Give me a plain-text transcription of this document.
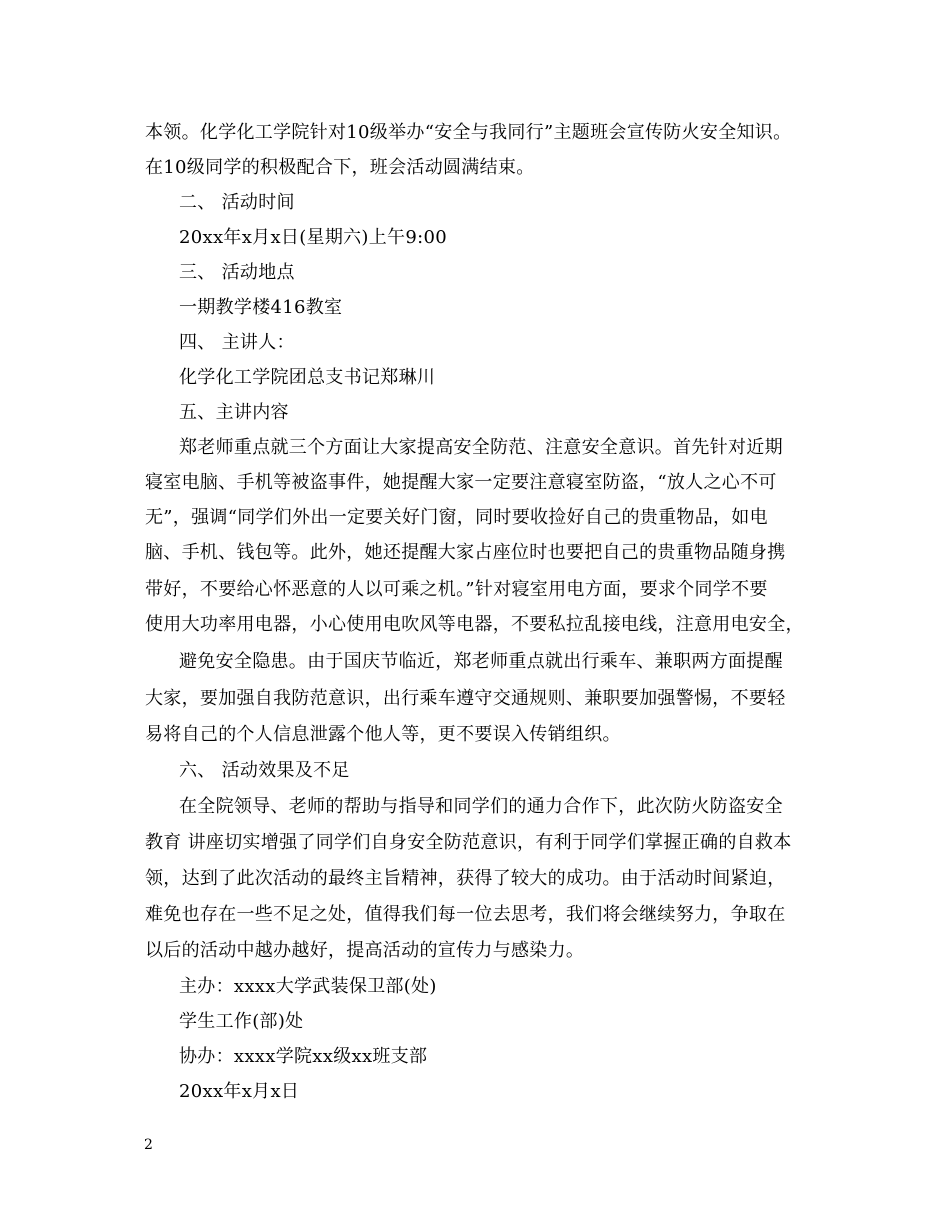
本领。化学化工学院针对10级举办“安全与我同行”主题班会宣传防火安全知识。
在10级同学的积极配合下，班会活动圆满结束。
二、 活动时间
20xx年x月x日(星期六)上午9:00
三、 活动地点
一期教学楼416教室
四、 主讲人：
化学化工学院团总支书记郑琳川
五、主讲内容
郑老师重点就三个方面让大家提高安全防范、注意安全意识。首先针对近期
寝室电脑、手机等被盗事件，她提醒大家一定要注意寝室防盗，“放人之心不可
无”，强调“同学们外出一定要关好门窗，同时要收捡好自己的贵重物品，如电
脑、手机、钱包等。此外，她还提醒大家占座位时也要把自己的贵重物品随身携
带好，不要给心怀恶意的人以可乘之机。”针对寝室用电方面，要求个同学不要
使用大功率用电器，小心使用电吹风等电器，不要私拉乱接电线，注意用电安全，
避免安全隐患。由于国庆节临近，郑老师重点就出行乘车、兼职两方面提醒
大家，要加强自我防范意识，出行乘车遵守交通规则、兼职要加强警惕，不要轻
易将自己的个人信息泄露个他人等，更不要误入传销组织。
六、 活动效果及不足
在全院领导、老师的帮助与指导和同学们的通力合作下，此次防火防盗安全
教育 讲座切实增强了同学们自身安全防范意识，有利于同学们掌握正确的自救本
领，达到了此次活动的最终主旨精神，获得了较大的成功。由于活动时间紧迫，
难免也存在一些不足之处，值得我们每一位去思考，我们将会继续努力，争取在
以后的活动中越办越好，提高活动的宣传力与感染力。
主办：xxxx大学武装保卫部(处)
学生工作(部)处
协办：xxxx学院xx级xx班支部
20xx年x月x日
2
